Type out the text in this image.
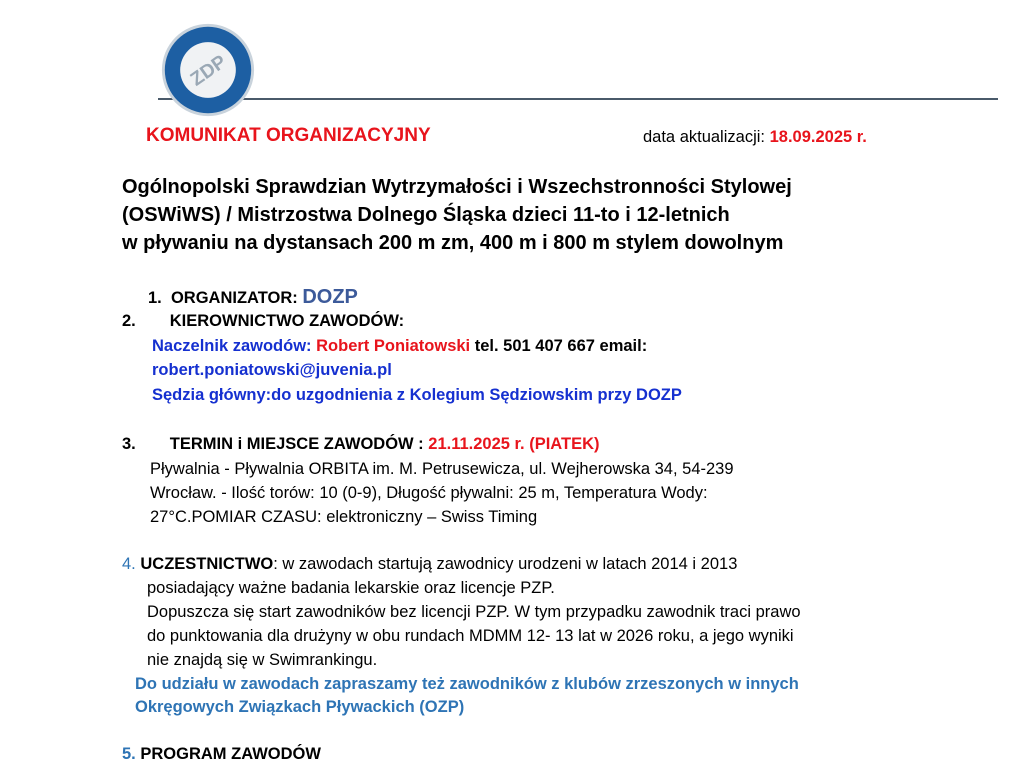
ZDP
KOMUNIKAT ORGANIZACYJNY	data aktualizacji: 18.09.2025 r.
Ogólnopolski Sprawdzian Wytrzymałości i Wszechstronności Stylowej
(OSWiWS) / Mistrzostwa Dolnego Śląska dzieci 11-to i 12-letnich
w pływaniu na dystansach 200 m zm, 400 m i 800 m stylem dowolnym
1. ORGANIZATOR: DOZP
2. KIEROWNICTWO ZAWODÓW:
Naczelnik zawodów: Robert Poniatowski tel. 501 407 667 email:
robert.poniatowski@juvenia.pl
Sędzia główny:do uzgodnienia z Kolegium Sędziowskim przy DOZP
3. TERMIN i MIEJSCE ZAWODÓW : 21.11.2025 r. (PIATEK)
Pływalnia - Pływalnia ORBITA im. M. Petrusewicza, ul. Wejherowska 34, 54-239
Wrocław. - Ilość torów: 10 (0-9), Długość pływalni: 25 m, Temperatura Wody:
27°C.POMIAR CZASU: elektroniczny – Swiss Timing
4. UCZESTNICTWO: w zawodach startują zawodnicy urodzeni w latach 2014 i 2013
posiadający ważne badania lekarskie oraz licencje PZP.
Dopuszcza się start zawodników bez licencji PZP. W tym przypadku zawodnik traci prawo
do punktowania dla drużyny w obu rundach MDMM 12- 13 lat w 2026 roku, a jego wyniki
nie znajdą się w Swimrankingu.
Do udziału w zawodach zapraszamy też zawodników z klubów zrzeszonych w innych
Okręgowych Związkach Pływackich (OZP)
5. PROGRAM ZAWODÓW
